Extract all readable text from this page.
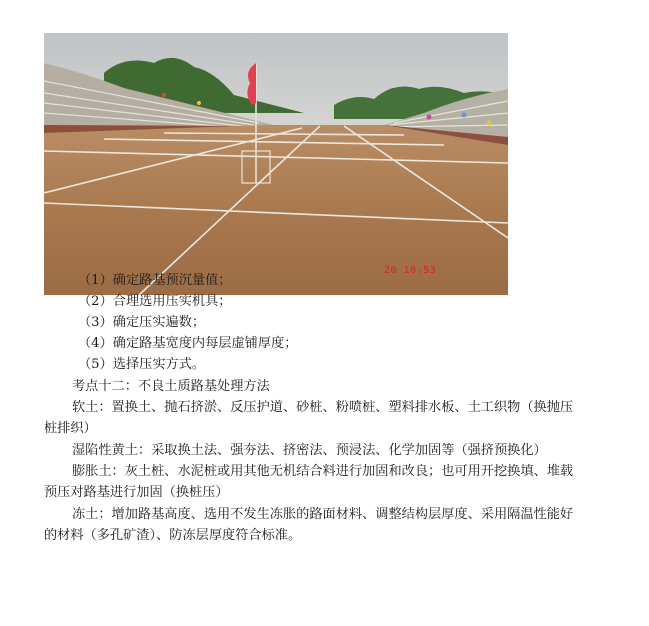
20 10:53
（1）确定路基预沉量值；
（2）合理选用压实机具；
（3）确定压实遍数；
（4）确定路基宽度内每层虚铺厚度；
（5）选择压实方式。
考点十二：不良土质路基处理方法
软土：置换土、抛石挤淤、反压护道、砂桩、粉喷桩、塑料排水板、土工织物（换抛压
桩排织）
湿陷性黄土：采取换土法、强夯法、挤密法、预浸法、化学加固等（强挤预换化）
膨胀土：灰土桩、水泥桩或用其他无机结合料进行加固和改良；也可用开挖换填、堆载
预压对路基进行加固（换桩压）
冻土：增加路基高度、选用不发生冻胀的路面材料、调整结构层厚度、采用隔温性能好
的材料（多孔矿渣）、防冻层厚度符合标准。
